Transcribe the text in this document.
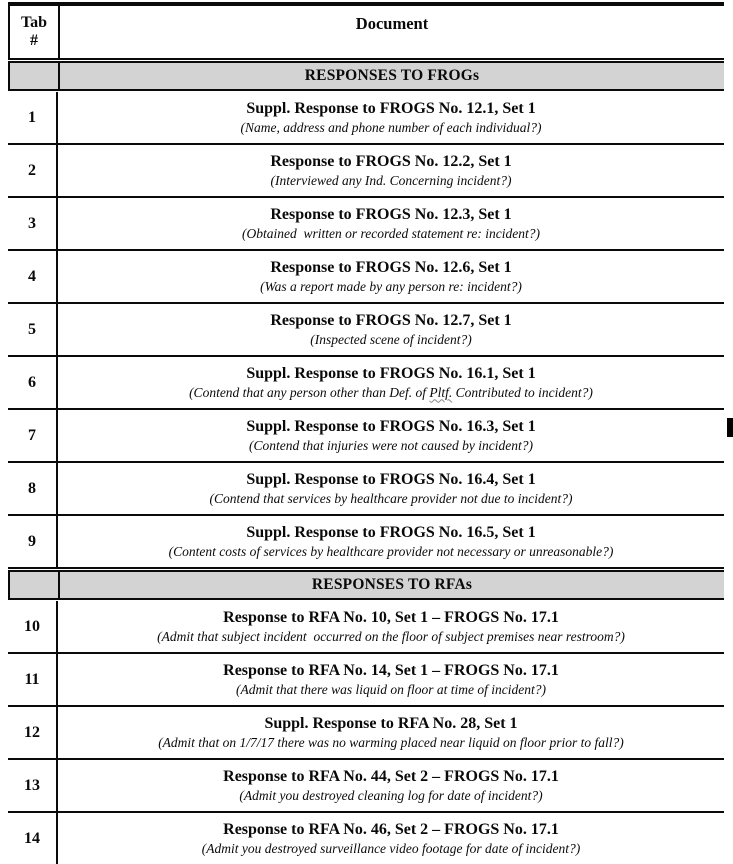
Tab
#
Document
RESPONSES TO FROGs
1
Suppl. Response to FROGS No. 12.1, Set 1
(Name, address and phone number of each individual?)
2
Response to FROGS No. 12.2, Set 1
(Interviewed any Ind. Concerning incident?)
3
Response to FROGS No. 12.3, Set 1
(Obtained  written or recorded statement re: incident?)
4
Response to FROGS No. 12.6, Set 1
(Was a report made by any person re: incident?)
5
Response to FROGS No. 12.7, Set 1
(Inspected scene of incident?)
6
Suppl. Response to FROGS No. 16.1, Set 1
(Contend that any person other than Def. of Pltf. Contributed to incident?)
7
Suppl. Response to FROGS No. 16.3, Set 1
(Contend that injuries were not caused by incident?)
8
Suppl. Response to FROGS No. 16.4, Set 1
(Contend that services by healthcare provider not due to incident?)
9
Suppl. Response to FROGS No. 16.5, Set 1
(Content costs of services by healthcare provider not necessary or unreasonable?)
RESPONSES TO RFAs
10
Response to RFA No. 10, Set 1 – FROGS No. 17.1
(Admit that subject incident  occurred on the floor of subject premises near restroom?)
11
Response to RFA No. 14, Set 1 – FROGS No. 17.1
(Admit that there was liquid on floor at time of incident?)
12
Suppl. Response to RFA No. 28, Set 1
(Admit that on 1/7/17 there was no warming placed near liquid on floor prior to fall?)
13
Response to RFA No. 44, Set 2 – FROGS No. 17.1
(Admit you destroyed cleaning log for date of incident?)
14
Response to RFA No. 46, Set 2 – FROGS No. 17.1
(Admit you destroyed surveillance video footage for date of incident?)
